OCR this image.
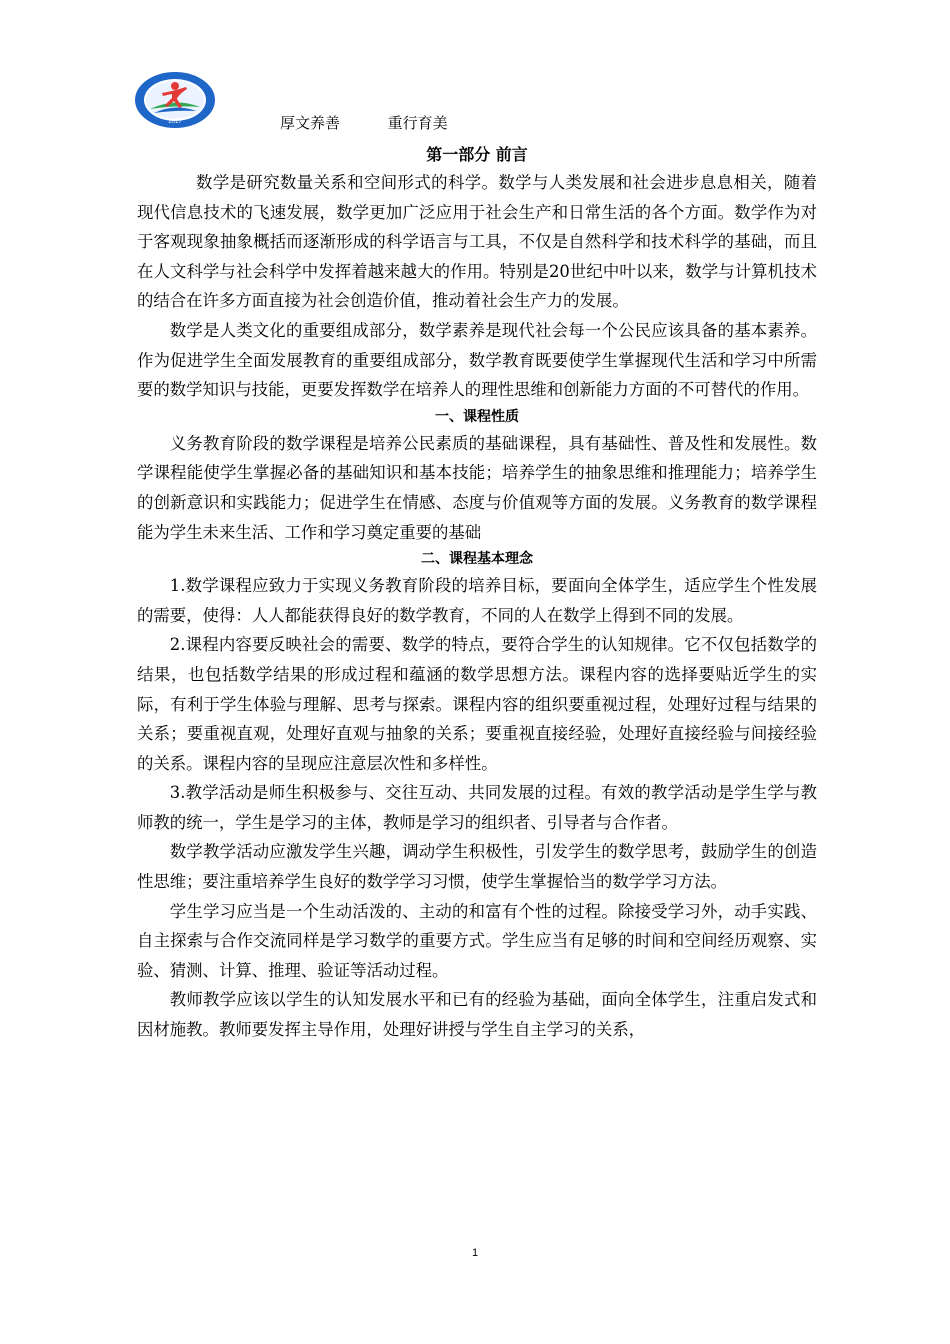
2017	厚文养善          重行育美
第一部分 前言

数学是研究数量关系和空间形式的科学。数学与人类发展和社会进步息息相关，随着现代信息技术的飞速发展，数学更加广泛应用于社会生产和日常生活的各个方面。数学作为对于客观现象抽象概括而逐渐形成的科学语言与工具，不仅是自然科学和技术科学的基础，而且在人文科学与社会科学中发挥着越来越大的作用。特别是20世纪中叶以来，数学与计算机技术的结合在许多方面直接为社会创造价值，推动着社会生产力的发展。

数学是人类文化的重要组成部分，数学素养是现代社会每一个公民应该具备的基本素养。作为促进学生全面发展教育的重要组成部分，数学教育既要使学生掌握现代生活和学习中所需要的数学知识与技能，更要发挥数学在培养人的理性思维和创新能力方面的不可替代的作用。

一、课程性质

义务教育阶段的数学课程是培养公民素质的基础课程，具有基础性、普及性和发展性。数学课程能使学生掌握必备的基础知识和基本技能；培养学生的抽象思维和推理能力；培养学生的创新意识和实践能力；促进学生在情感、态度与价值观等方面的发展。义务教育的数学课程能为学生未来生活、工作和学习奠定重要的基础

二、课程基本理念

1.数学课程应致力于实现义务教育阶段的培养目标，要面向全体学生，适应学生个性发展的需要，使得：人人都能获得良好的数学教育，不同的人在数学上得到不同的发展。

2.课程内容要反映社会的需要、数学的特点，要符合学生的认知规律。它不仅包括数学的结果，也包括数学结果的形成过程和蕴涵的数学思想方法。课程内容的选择要贴近学生的实际，有利于学生体验与理解、思考与探索。课程内容的组织要重视过程，处理好过程与结果的关系；要重视直观，处理好直观与抽象的关系；要重视直接经验，处理好直接经验与间接经验的关系。课程内容的呈现应注意层次性和多样性。

3.教学活动是师生积极参与、交往互动、共同发展的过程。有效的教学活动是学生学与教师教的统一，学生是学习的主体，教师是学习的组织者、引导者与合作者。

数学教学活动应激发学生兴趣，调动学生积极性，引发学生的数学思考，鼓励学生的创造性思维；要注重培养学生良好的数学学习习惯，使学生掌握恰当的数学学习方法。

学生学习应当是一个生动活泼的、主动的和富有个性的过程。除接受学习外，动手实践、自主探索与合作交流同样是学习数学的重要方式。学生应当有足够的时间和空间经历观察、实验、猜测、计算、推理、验证等活动过程。

教师教学应该以学生的认知发展水平和已有的经验为基础，面向全体学生，注重启发式和因材施教。教师要发挥主导作用，处理好讲授与学生自主学习的关系，

1
